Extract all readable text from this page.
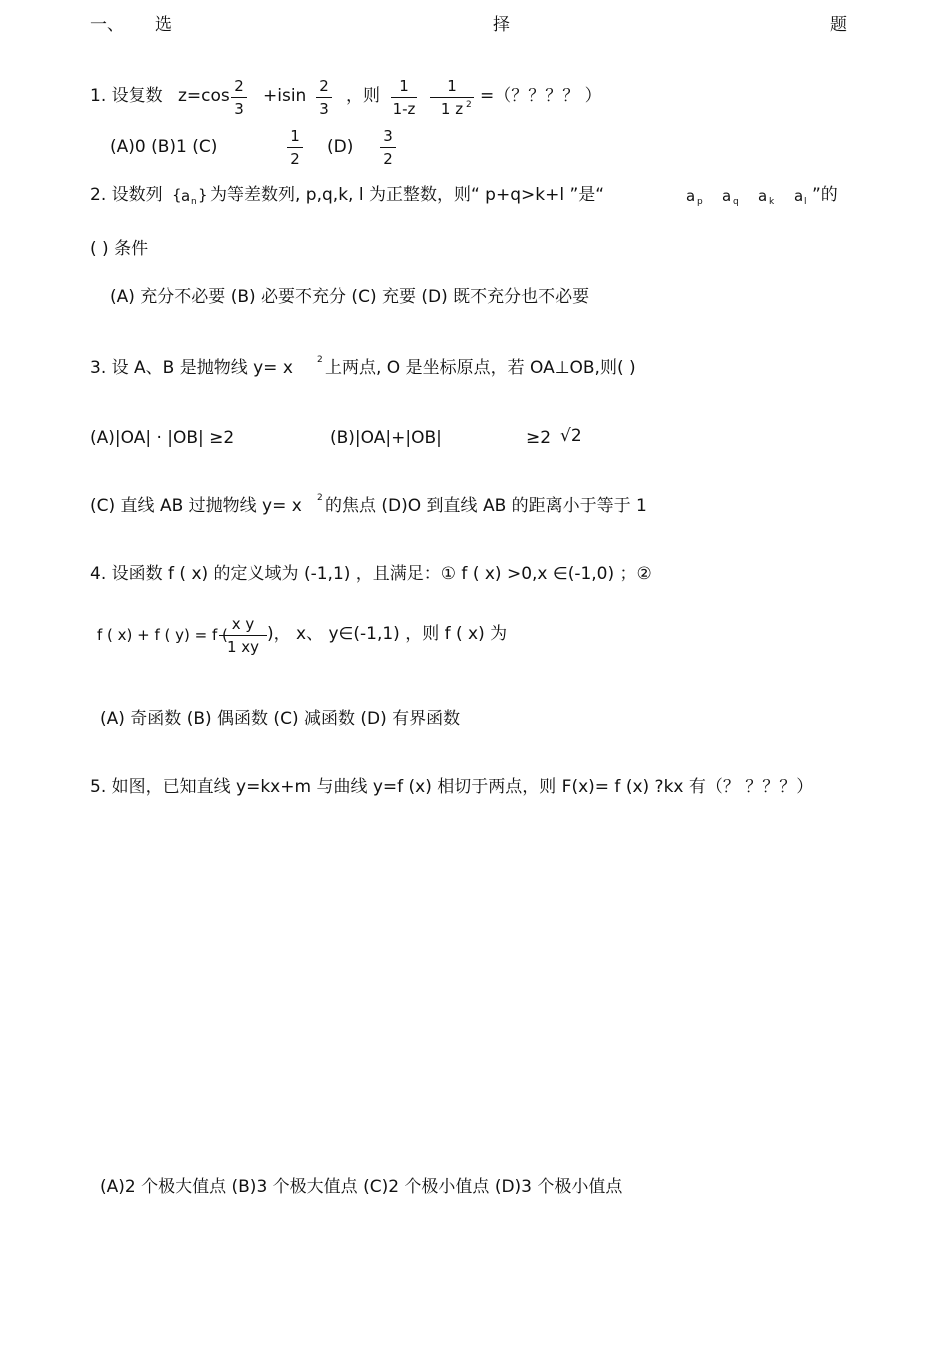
一、 选	择	题
1. 设复数 z=cos 2
3
+isin 2
3
，则	1
1-z
1
1 z 2 =（？？？？ ）
(A)0 (B)1 (C)
1
2
(D)
3
2
2. 设数列 { a n } 为等差数列, p,q,k, l 为正整数，则“ p+q>k+l ”是“	a p a q a k a l ”的
( ) 条件
(A) 充分不必要 (B) 必要不充分 (C) 充要 (D) 既不充分也不必要
3. 设 A、B 是抛物线 y= x	2 上两点, O 是坐标原点，若 OA⊥OB,则( )
(A)|OA| · |OB| ≥2	(B)|OA|+|OB|	≥2 √2
(C) 直线 AB 过抛物线 y= x 2 的焦点 (D)O 到直线 AB 的距离小于等于 1
4. 设函数 f ( x) 的定义域为 (-1,1) ，且满足：① f ( x) >0,x ∈(-1,0) ；②
f ( x) + f ( y) = f (
x y
1 xy
)， x、 y∈(-1,1) ，则 f ( x) 为
(A) 奇函数 (B) 偶函数 (C) 减函数 (D) 有界函数
5. 如图，已知直线 y=kx+m 与曲线 y=f (x) 相切于两点，则 F(x)= f (x) ?kx 有（？ ？？？）
(A)2 个极大值点 (B)3 个极大值点 (C)2 个极小值点 (D)3 个极小值点
